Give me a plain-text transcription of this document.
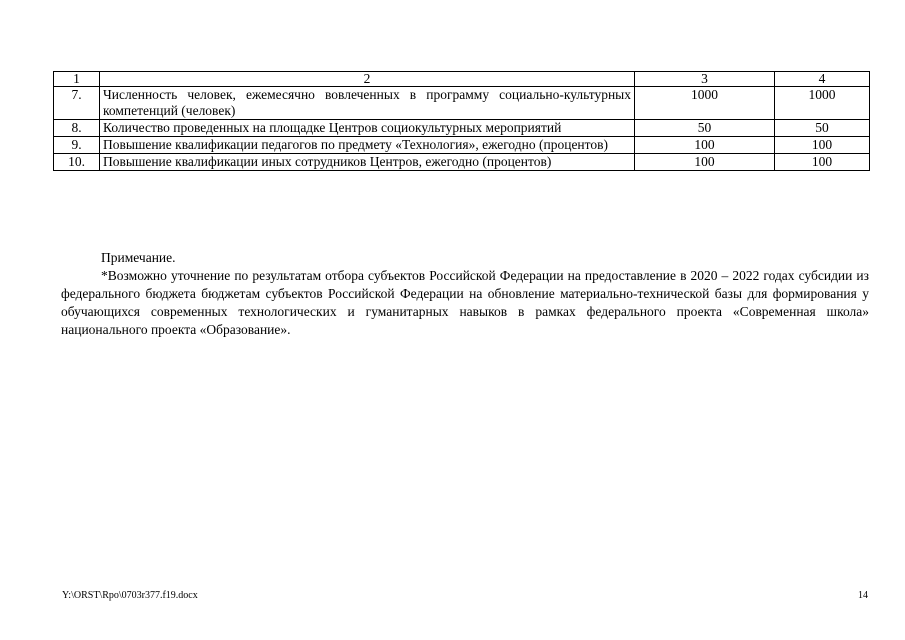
1	2	3	4
7.	Численность человек, ежемесячно вовлеченных в программу социально-культурных компетенций (человек)	1000	1000
8.	Количество проведенных на площадке Центров социокультурных мероприятий	50	50
9.	Повышение квалификации педагогов по предмету «Технология», ежегодно (процентов)	100	100
10.	Повышение квалификации иных сотрудников Центров, ежегодно (процентов)	100	100
Примечание.
*Возможно уточнение по результатам отбора субъектов Российской Федерации на предоставление в 2020 – 2022 годах субсидии из федерального бюджета бюджетам субъектов Российской Федерации на обновление материально-технической базы для формирования у обучающихся современных технологических и гуманитарных навыков в рамках федерального проекта «Современная школа» национального проекта «Образование».
Y:\ORST\Rpo\0703r377.f19.docx	14
